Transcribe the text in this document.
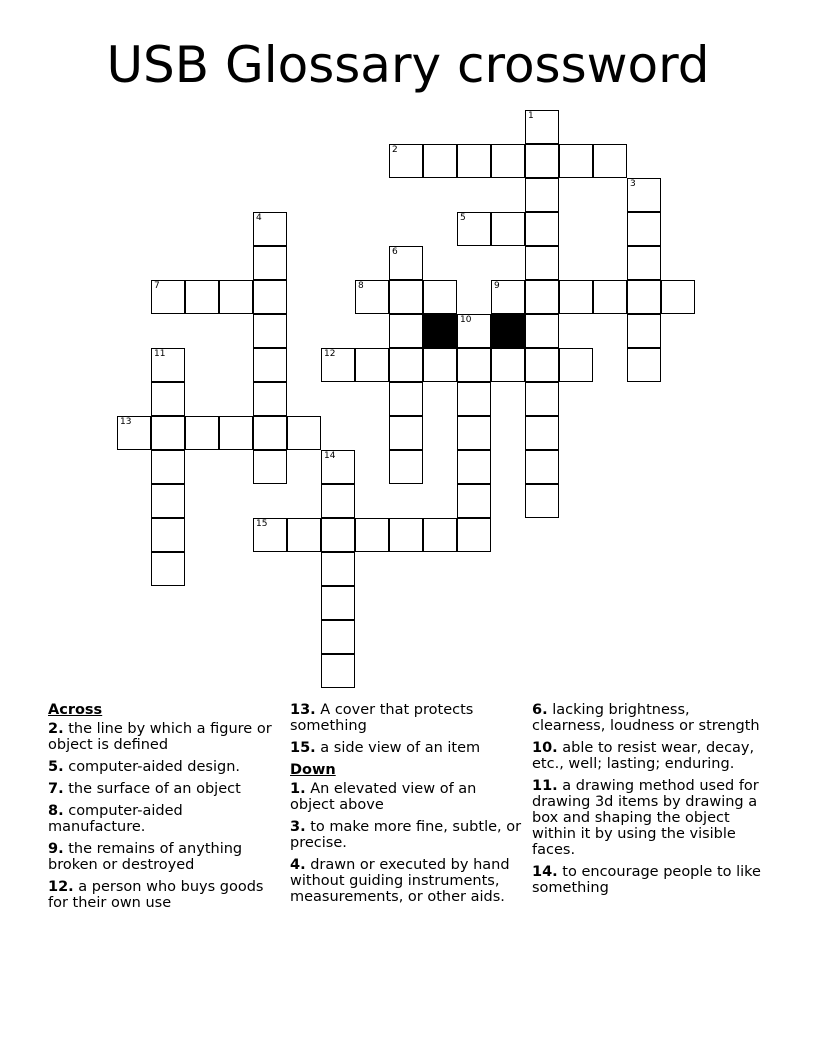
USB Glossary crossword
1
2
3
4	5
6
7	8	9
10
11	12
13
14
15
Across
2. the line by which a figure or object is defined
5. computer-aided design.
7. the surface of an object
8. computer-aided manufacture.
9. the remains of anything broken or destroyed
12. a person who buys goods for their own use
13. A cover that protects something
15. a side view of an item
Down
1. An elevated view of an object above
3. to make more fine, subtle, or precise.
4. drawn or executed by hand without guiding instruments, measurements, or other aids.
6. lacking brightness, clearness, loudness or strength
10. able to resist wear, decay, etc., well; lasting; enduring.
11. a drawing method used for drawing 3d items by drawing a box and shaping the object within it by using the visible faces.
14. to encourage people to like something
